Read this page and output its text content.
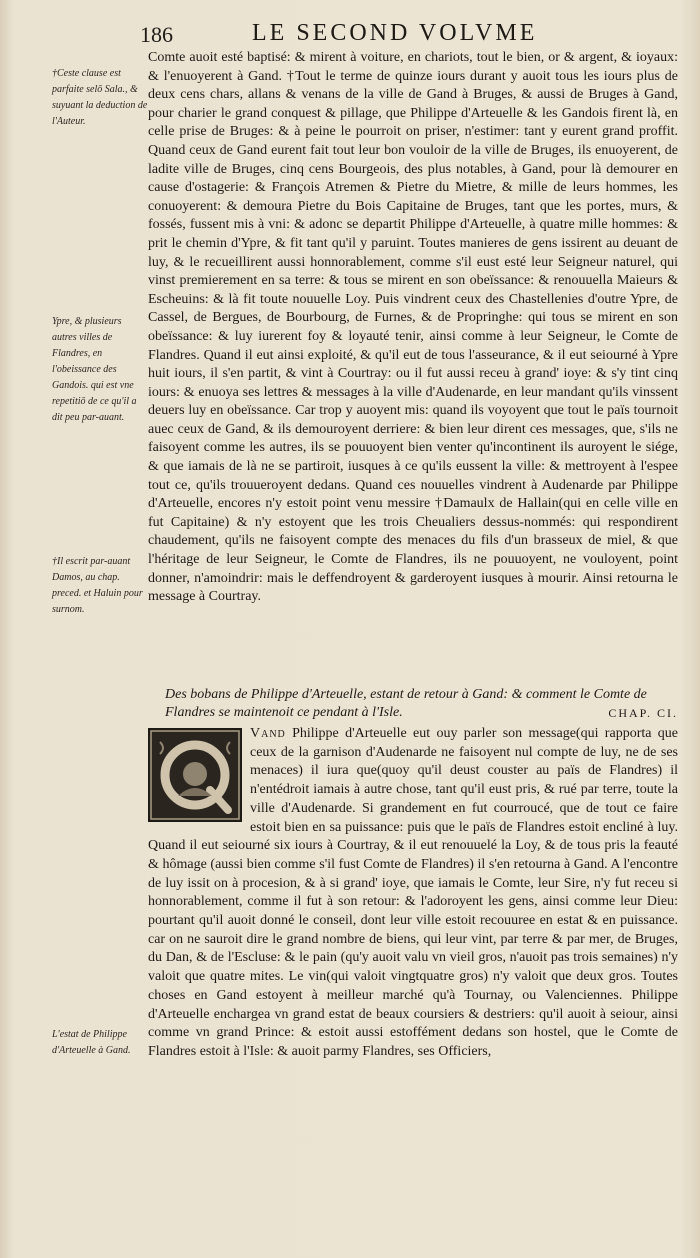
186	LE SECOND VOLVME
†Ceste clause est parfaite selō Sala., & suyuant la deduction de l'Auteur.
Ypre, & plusieurs autres villes de Flandres, en l'obeissance des Gandois. qui est vne repetitiō de ce qu'il a dit peu par-auant.
†Il escrit par-auant Damos, au chap. preced. et Haluin pour surnom.
L'estat de Philippe d'Arteuelle à Gand.

Comte auoit esté baptisé: & mirent à voiture, en chariots, tout le bien, or & argent, & ioyaux: & l'enuoyerent à Gand. †Tout le terme de quinze iours durant y auoit tous les iours plus de deux cens chars, allans & venans de la ville de Gand à Bruges, & aussi de Bruges à Gand, pour charier le grand conquest & pillage, que Philippe d'Arteuelle & les Gandois firent là, en celle prise de Bruges: & à peine le pourroit on priser, n'estimer: tant y eurent grand proffit. Quand ceux de Gand eurent fait tout leur bon vouloir de la ville de Bruges, ils enuoyerent, de ladite ville de Bruges, cinq cens Bourgeois, des plus notables, à Gand, pour là demourer en cause d'ostagerie: & François Atremen & Pietre du Mietre, & mille de leurs hommes, les conuoyerent: & demoura Pietre du Bois Capitaine de Bruges, tant que les portes, murs, & fossés, fussent mis à vni: & adonc se departit Philippe d'Arteuelle, à quatre mille hommes: & prit le chemin d'Ypre, & fit tant qu'il y paruint. Toutes manieres de gens issirent au deuant de luy, & le recueillirent aussi honnorablement, comme s'il eust esté leur Seigneur naturel, qui vinst premierement en sa terre: & tous se mirent en son obeïssance: & renouuella Maieurs & Escheuins: & là fit toute nouuelle Loy. Puis vindrent ceux des Chastellenies d'outre Ypre, de Cassel, de Bergues, de Bourbourg, de Furnes, & de Propringhe: qui tous se mirent en son obeïssance: & luy iurerent foy & loyauté tenir, ainsi comme à leur Seigneur, le Comte de Flandres. Quand il eut ainsi exploité, & qu'il eut de tous l'asseurance, & il eut seiourné à Ypre huit iours, il s'en partit, & vint à Courtray: ou il fut aussi receu à grand' ioye: & s'y tint cinq iours: & enuoya ses lettres & messages à la ville d'Audenarde, en leur mandant qu'ils vinssent deuers luy en obeïssance. Car trop y auoyent mis: quand ils voyoyent que tout le païs tournoit auec ceux de Gand, & ils demouroyent derriere: & bien leur dirent ces messages, que, s'ils ne faisoyent comme les autres, ils se pouuoyent bien venter qu'incontinent ils auroyent le siége, & que iamais de là ne se partiroit, iusques à ce qu'ils eussent la ville: & mettroyent à l'espee tout ce, qu'ils trouueroyent dedans. Quand ces nouuelles vindrent à Audenarde par Philippe d'Arteuelle, encores n'y estoit point venu messire †Damaulx de Hallain(qui en celle ville en fut Capitaine) & n'y estoyent que les trois Cheualiers dessus-nommés: qui respondirent chaudement, qu'ils ne faisoyent compte des menaces du fils d'un brasseux de miel, & que l'héritage de leur Seigneur, le Comte de Flandres, ils ne pouuoyent, ne vouloyent, point donner, n'amoindrir: mais le deffendroyent & garderoyent iusques à mourir. Ainsi retourna le message à Courtray.

Des bobans de Philippe d'Arteuelle, estant de retour à Gand: & comment le Comte de Flandres se maintenoit ce pendant à l'Isle.	CHAP. CI.

Vand Philippe d'Arteuelle eut ouy parler son message(qui rapporta que ceux de la garnison d'Audenarde ne faisoyent nul compte de luy, ne de ses menaces) il iura que(quoy qu'il deust couster au païs de Flandres) il n'entédroit iamais à autre chose, tant qu'il eust pris, & rué par terre, toute la ville d'Audenarde. Si grandement en fut courroucé, que de tout ce faire estoit bien en sa puissance: puis que le païs de Flandres estoit encliné à luy. Quand il eut seiourné six iours à Courtray, & il eut renouuelé la Loy, & de tous pris la feauté & hômage (aussi bien comme s'il fust Comte de Flandres) il s'en retourna à Gand. A l'encontre de luy issit on à procesion, & à si grand' ioye, que iamais le Comte, leur Sire, n'y fut receu si honnorablement, comme il fut à son retour: & l'adoroyent les gens, ainsi comme leur Dieu: pourtant qu'il auoit donné le conseil, dont leur ville estoit recouuree en estat & en puissance. car on ne sauroit dire le grand nombre de biens, qui leur vint, par terre & par mer, de Bruges, du Dan, & de l'Escluse: & le pain (qu'y auoit valu vn vieil gros, n'auoit pas trois semaines) n'y valoit que quatre mites. Le vin(qui valoit vingtquatre gros) n'y valoit que deux gros. Toutes choses en Gand estoyent à meilleur marché qu'à Tournay, ou Valenciennes. Philippe d'Arteuelle enchargea vn grand estat de beaux coursiers & destriers: qu'il auoit à seiour, ainsi comme vn grand Prince: & estoit aussi estoffément dedans son hostel, que le Comte de Flandres estoit à l'Isle: & auoit parmy Flandres, ses Officiers,
